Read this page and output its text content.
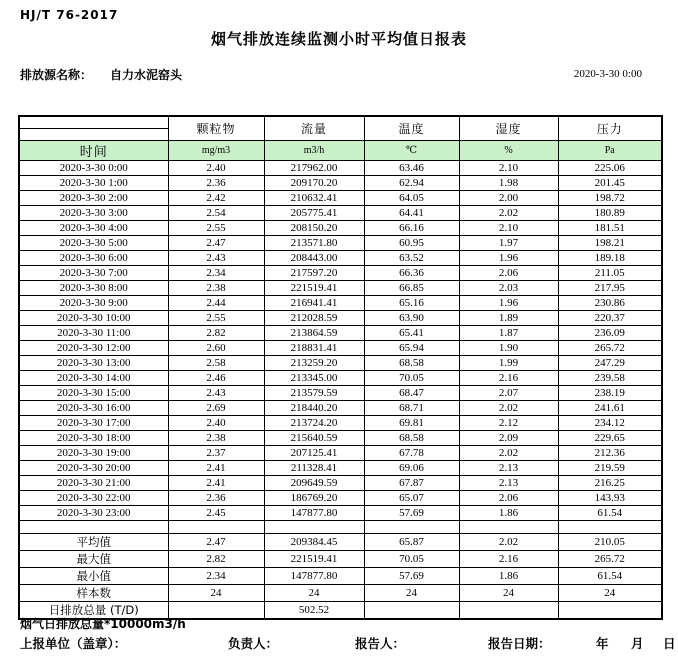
HJ/T 76-2017
烟气排放连续监测小时平均值日报表
排放源名称： 自力水泥窑头	2020-3-30 0:00
	颗粒物	流量	温度	湿度	压力

时间	mg/m3	m3/h	℃	%	Pa
2020-3-30 0:00	2.40	217962.00	63.46	2.10	225.06
2020-3-30 1:00	2.36	209170.20	62.94	1.98	201.45
2020-3-30 2:00	2.42	210632.41	64.05	2.00	198.72
2020-3-30 3:00	2.54	205775.41	64.41	2.02	180.89
2020-3-30 4:00	2.55	208150.20	66.16	2.10	181.51
2020-3-30 5:00	2.47	213571.80	60.95	1.97	198.21
2020-3-30 6:00	2.43	208443.00	63.52	1.96	189.18
2020-3-30 7:00	2.34	217597.20	66.36	2.06	211.05
2020-3-30 8:00	2.38	221519.41	66.85	2.03	217.95
2020-3-30 9:00	2.44	216941.41	65.16	1.96	230.86
2020-3-30 10:00	2.55	212028.59	63.90	1.89	220.37
2020-3-30 11:00	2.82	213864.59	65.41	1.87	236.09
2020-3-30 12:00	2.60	218831.41	65.94	1.90	265.72
2020-3-30 13:00	2.58	213259.20	68.58	1.99	247.29
2020-3-30 14:00	2.46	213345.00	70.05	2.16	239.58
2020-3-30 15:00	2.43	213579.59	68.47	2.07	238.19
2020-3-30 16:00	2.69	218440.20	68.71	2.02	241.61
2020-3-30 17:00	2.40	213724.20	69.81	2.12	234.12
2020-3-30 18:00	2.38	215640.59	68.58	2.09	229.65
2020-3-30 19:00	2.37	207125.41	67.78	2.02	212.36
2020-3-30 20:00	2.41	211328.41	69.06	2.13	219.59
2020-3-30 21:00	2.41	209649.59	67.87	2.13	216.25
2020-3-30 22:00	2.36	186769.20	65.07	2.06	143.93
2020-3-30 23:00	2.45	147877.80	57.69	1.86	61.54

平均值	2.47	209384.45	65.87	2.02	210.05
最大值	2.82	221519.41	70.05	2.16	265.72
最小值	2.34	147877.80	57.69	1.86	61.54
样本数	24	24	24	24	24
日排放总量 (T/D)		502.52			
烟气日排放总量*10000m3/h
上报单位（盖章）：	负责人：	报告人：	报告日期：	年 月 日
